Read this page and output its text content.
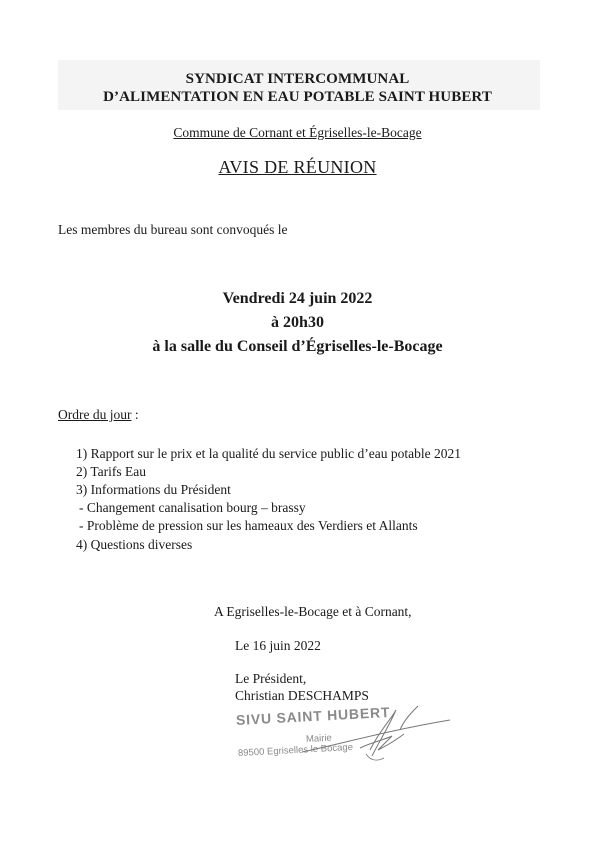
SYNDICAT INTERCOMMUNAL
D’ALIMENTATION EN EAU POTABLE SAINT HUBERT
Commune de Cornant et Égriselles-le-Bocage
AVIS DE RÉUNION
Les membres du bureau sont convoqués le
Vendredi 24 juin 2022
à 20h30
à la salle du Conseil d’Égriselles-le-Bocage
Ordre du jour :
1) Rapport sur le prix et la qualité du service public d’eau potable 2021
2) Tarifs Eau
3) Informations du Président
- Changement canalisation bourg – brassy
- Problème de pression sur les hameaux des Verdiers et Allants
4) Questions diverses
A Egriselles-le-Bocage et à Cornant,
Le 16 juin 2022
Le Président,
Christian DESCHAMPS
SIVU SAINT HUBERT
Mairie
89500 Egriselles le Bocage
